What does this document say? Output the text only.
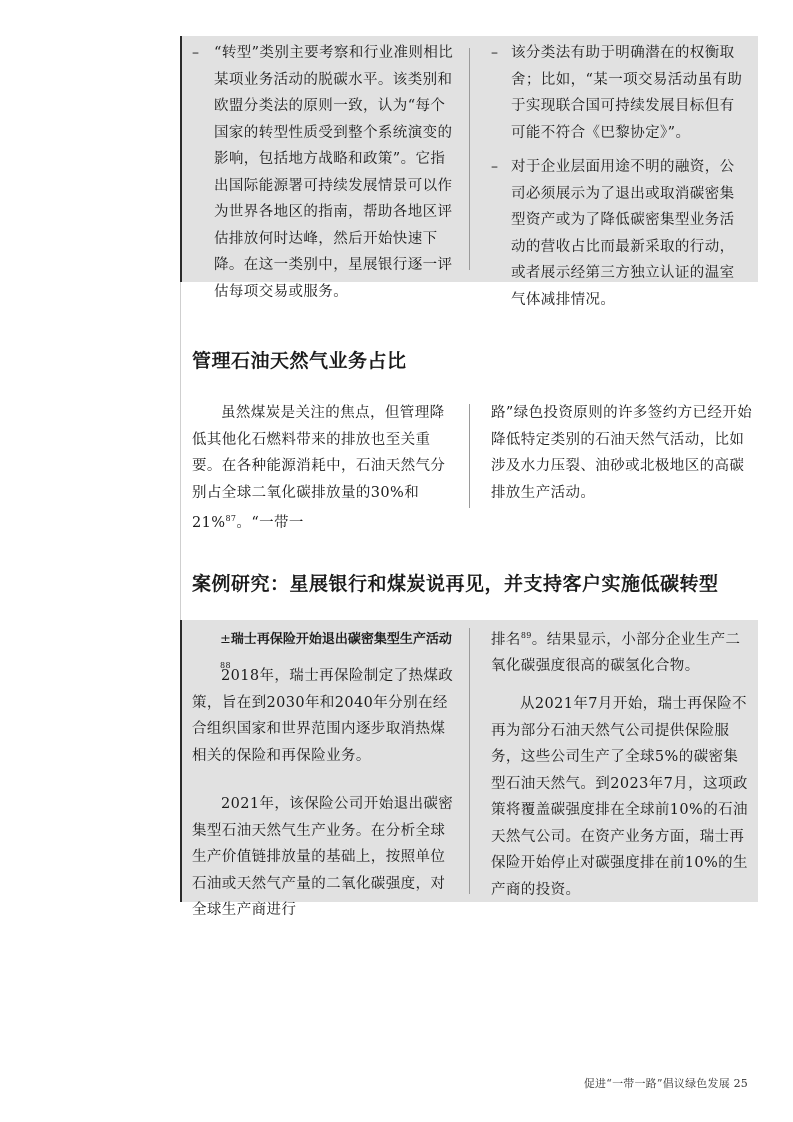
–	“转型”类别主要考察和行业准则相比某项业务活动的脱碳水平。该类别和欧盟分类法的原则一致，认为“每个国家的转型性质受到整个系统演变的影响，包括地方战略和政策”。它指出国际能源署可持续发展情景可以作为世界各地区的指南，帮助各地区评估排放何时达峰，然后开始快速下降。在这一类别中，星展银行逐一评估每项交易或服务。

– 该分类法有助于明确潜在的权衡取舍；比如，“某一项交易活动虽有助于实现联合国可持续发展目标但有可能不符合《巴黎协定》”。

– 对于企业层面用途不明的融资，公司必须展示为了退出或取消碳密集型资产或为了降低碳密集型业务活动的营收占比而最新采取的行动，或者展示经第三方独立认证的温室气体减排情况。

管理石油天然气业务占比

虽然煤炭是关注的焦点，但管理降低其他化石燃料带来的排放也至关重要。在各种能源消耗中，石油天然气分别占全球二氧化碳排放量的30%和21%$^{87}$。“一带一

路”绿色投资原则的许多签约方已经开始降低特定类别的石油天然气活动，比如涉及水力压裂、油砂或北极地区的高碳排放生产活动。

案例研究：星展银行和煤炭说再见，并支持客户实施低碳转型
±瑞士再保险开始退出碳密集型生产活动$^{88}$

2018年，瑞士再保险制定了热煤政策，旨在到2030年和2040年分别在经合组织国家和世界范围内逐步取消热煤相关的保险和再保险业务。

2021年，该保险公司开始退出碳密集型石油天然气生产业务。在分析全球生产价值链排放量的基础上，按照单位石油或天然气产量的二氧化碳强度，对全球生产商进行

排名$^{89}$。结果显示，小部分企业生产二氧化碳强度很高的碳氢化合物。

从2021年7月开始，瑞士再保险不再为部分石油天然气公司提供保险服务，这些公司生产了全球5%的碳密集型石油天然气。到2023年7月，这项政策将覆盖碳强度排在全球前10%的石油天然气公司。在资产业务方面，瑞士再保险开始停止对碳强度排在前10%的生产商的投资。

促进“一带一路”倡议绿色发展 25
